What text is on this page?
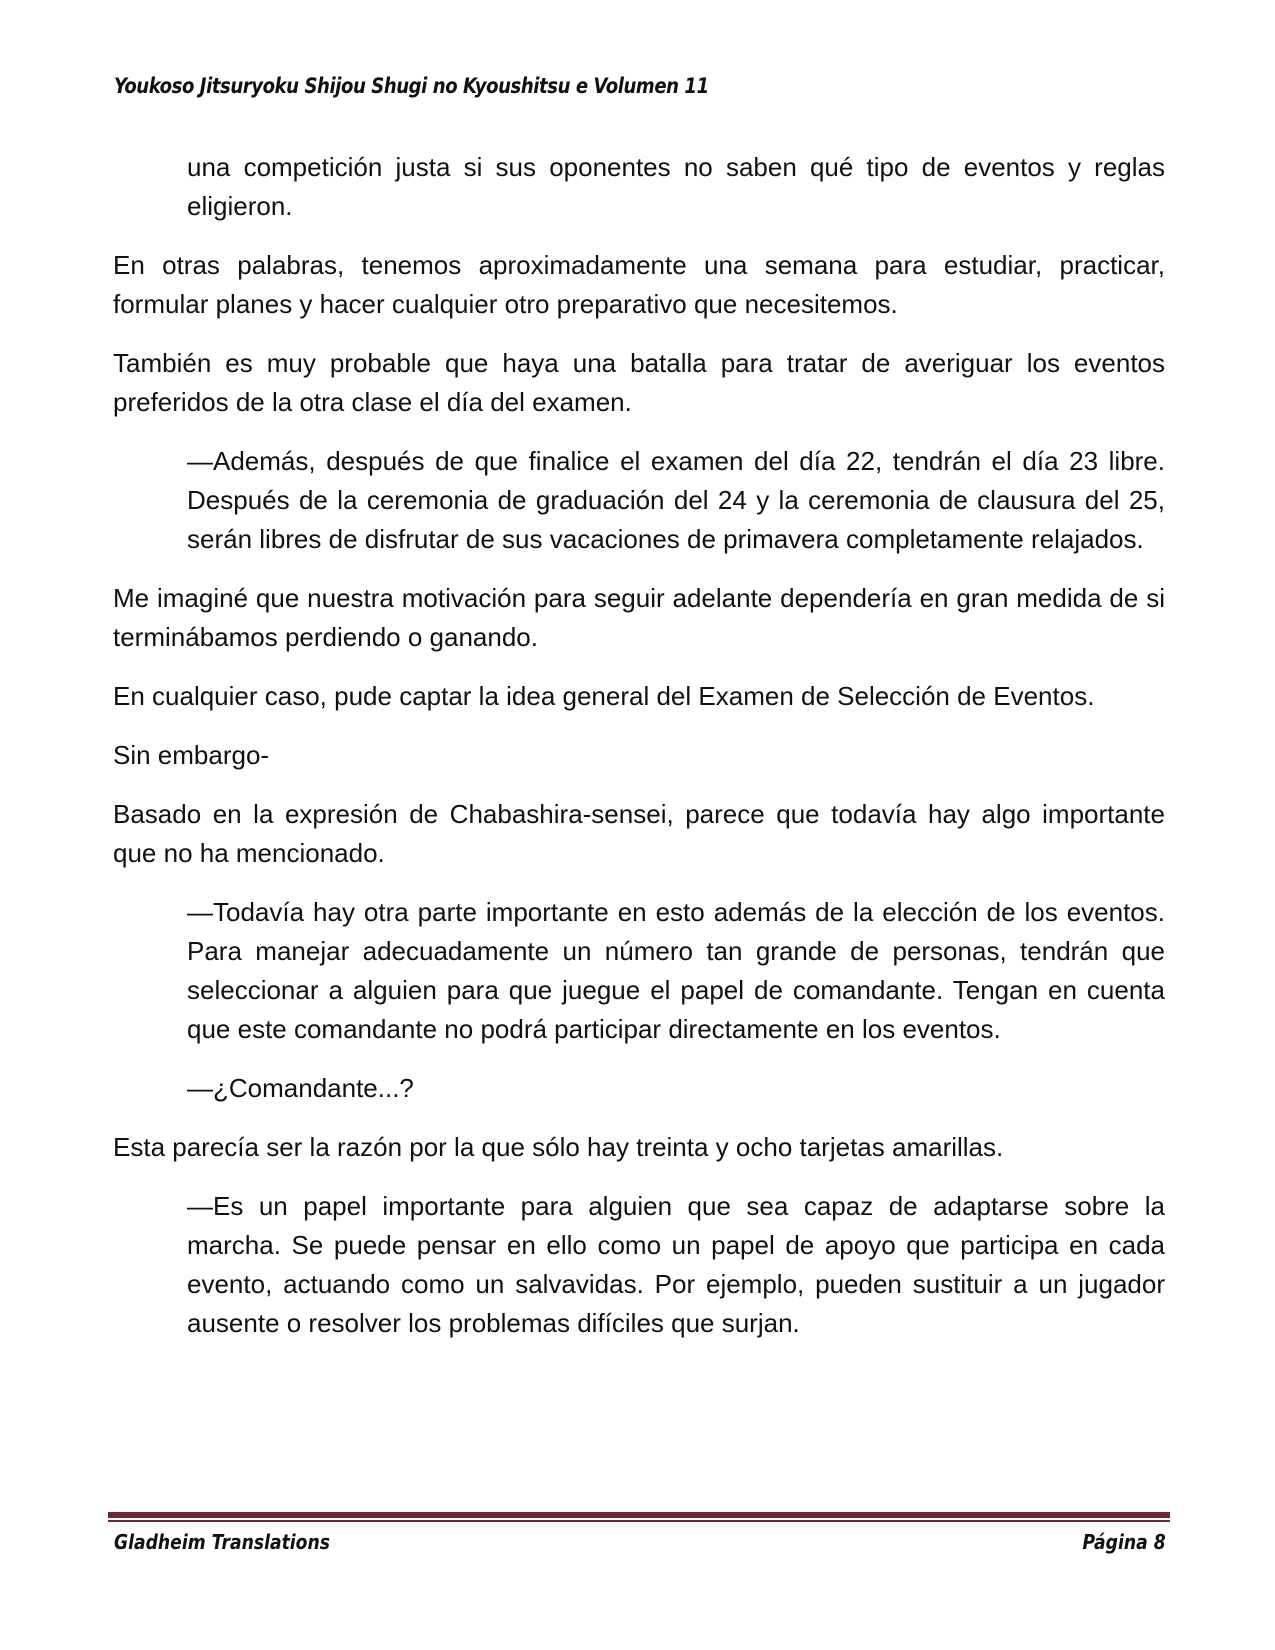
Youkoso Jitsuryoku Shijou Shugi no Kyoushitsu e Volumen 11

una competición justa si sus oponentes no saben qué tipo de eventos y reglas eligieron.

En otras palabras, tenemos aproximadamente una semana para estudiar, practicar, formular planes y hacer cualquier otro preparativo que necesitemos.

También es muy probable que haya una batalla para tratar de averiguar los eventos preferidos de la otra clase el día del examen.

—Además, después de que finalice el examen del día 22, tendrán el día 23 libre. Después de la ceremonia de graduación del 24 y la ceremonia de clausura del 25, serán libres de disfrutar de sus vacaciones de primavera completamente relajados.

Me imaginé que nuestra motivación para seguir adelante dependería en gran medida de si terminábamos perdiendo o ganando.

En cualquier caso, pude captar la idea general del Examen de Selección de Eventos.

Sin embargo-

Basado en la expresión de Chabashira-sensei, parece que todavía hay algo importante que no ha mencionado.

—Todavía hay otra parte importante en esto además de la elección de los eventos. Para manejar adecuadamente un número tan grande de personas, tendrán que seleccionar a alguien para que juegue el papel de comandante. Tengan en cuenta que este comandante no podrá participar directamente en los eventos.

—¿Comandante...?

Esta parecía ser la razón por la que sólo hay treinta y ocho tarjetas amarillas.

—Es un papel importante para alguien que sea capaz de adaptarse sobre la marcha. Se puede pensar en ello como un papel de apoyo que participa en cada evento, actuando como un salvavidas. Por ejemplo, pueden sustituir a un jugador ausente o resolver los problemas difíciles que surjan.

Gladheim Translations	Página 8
